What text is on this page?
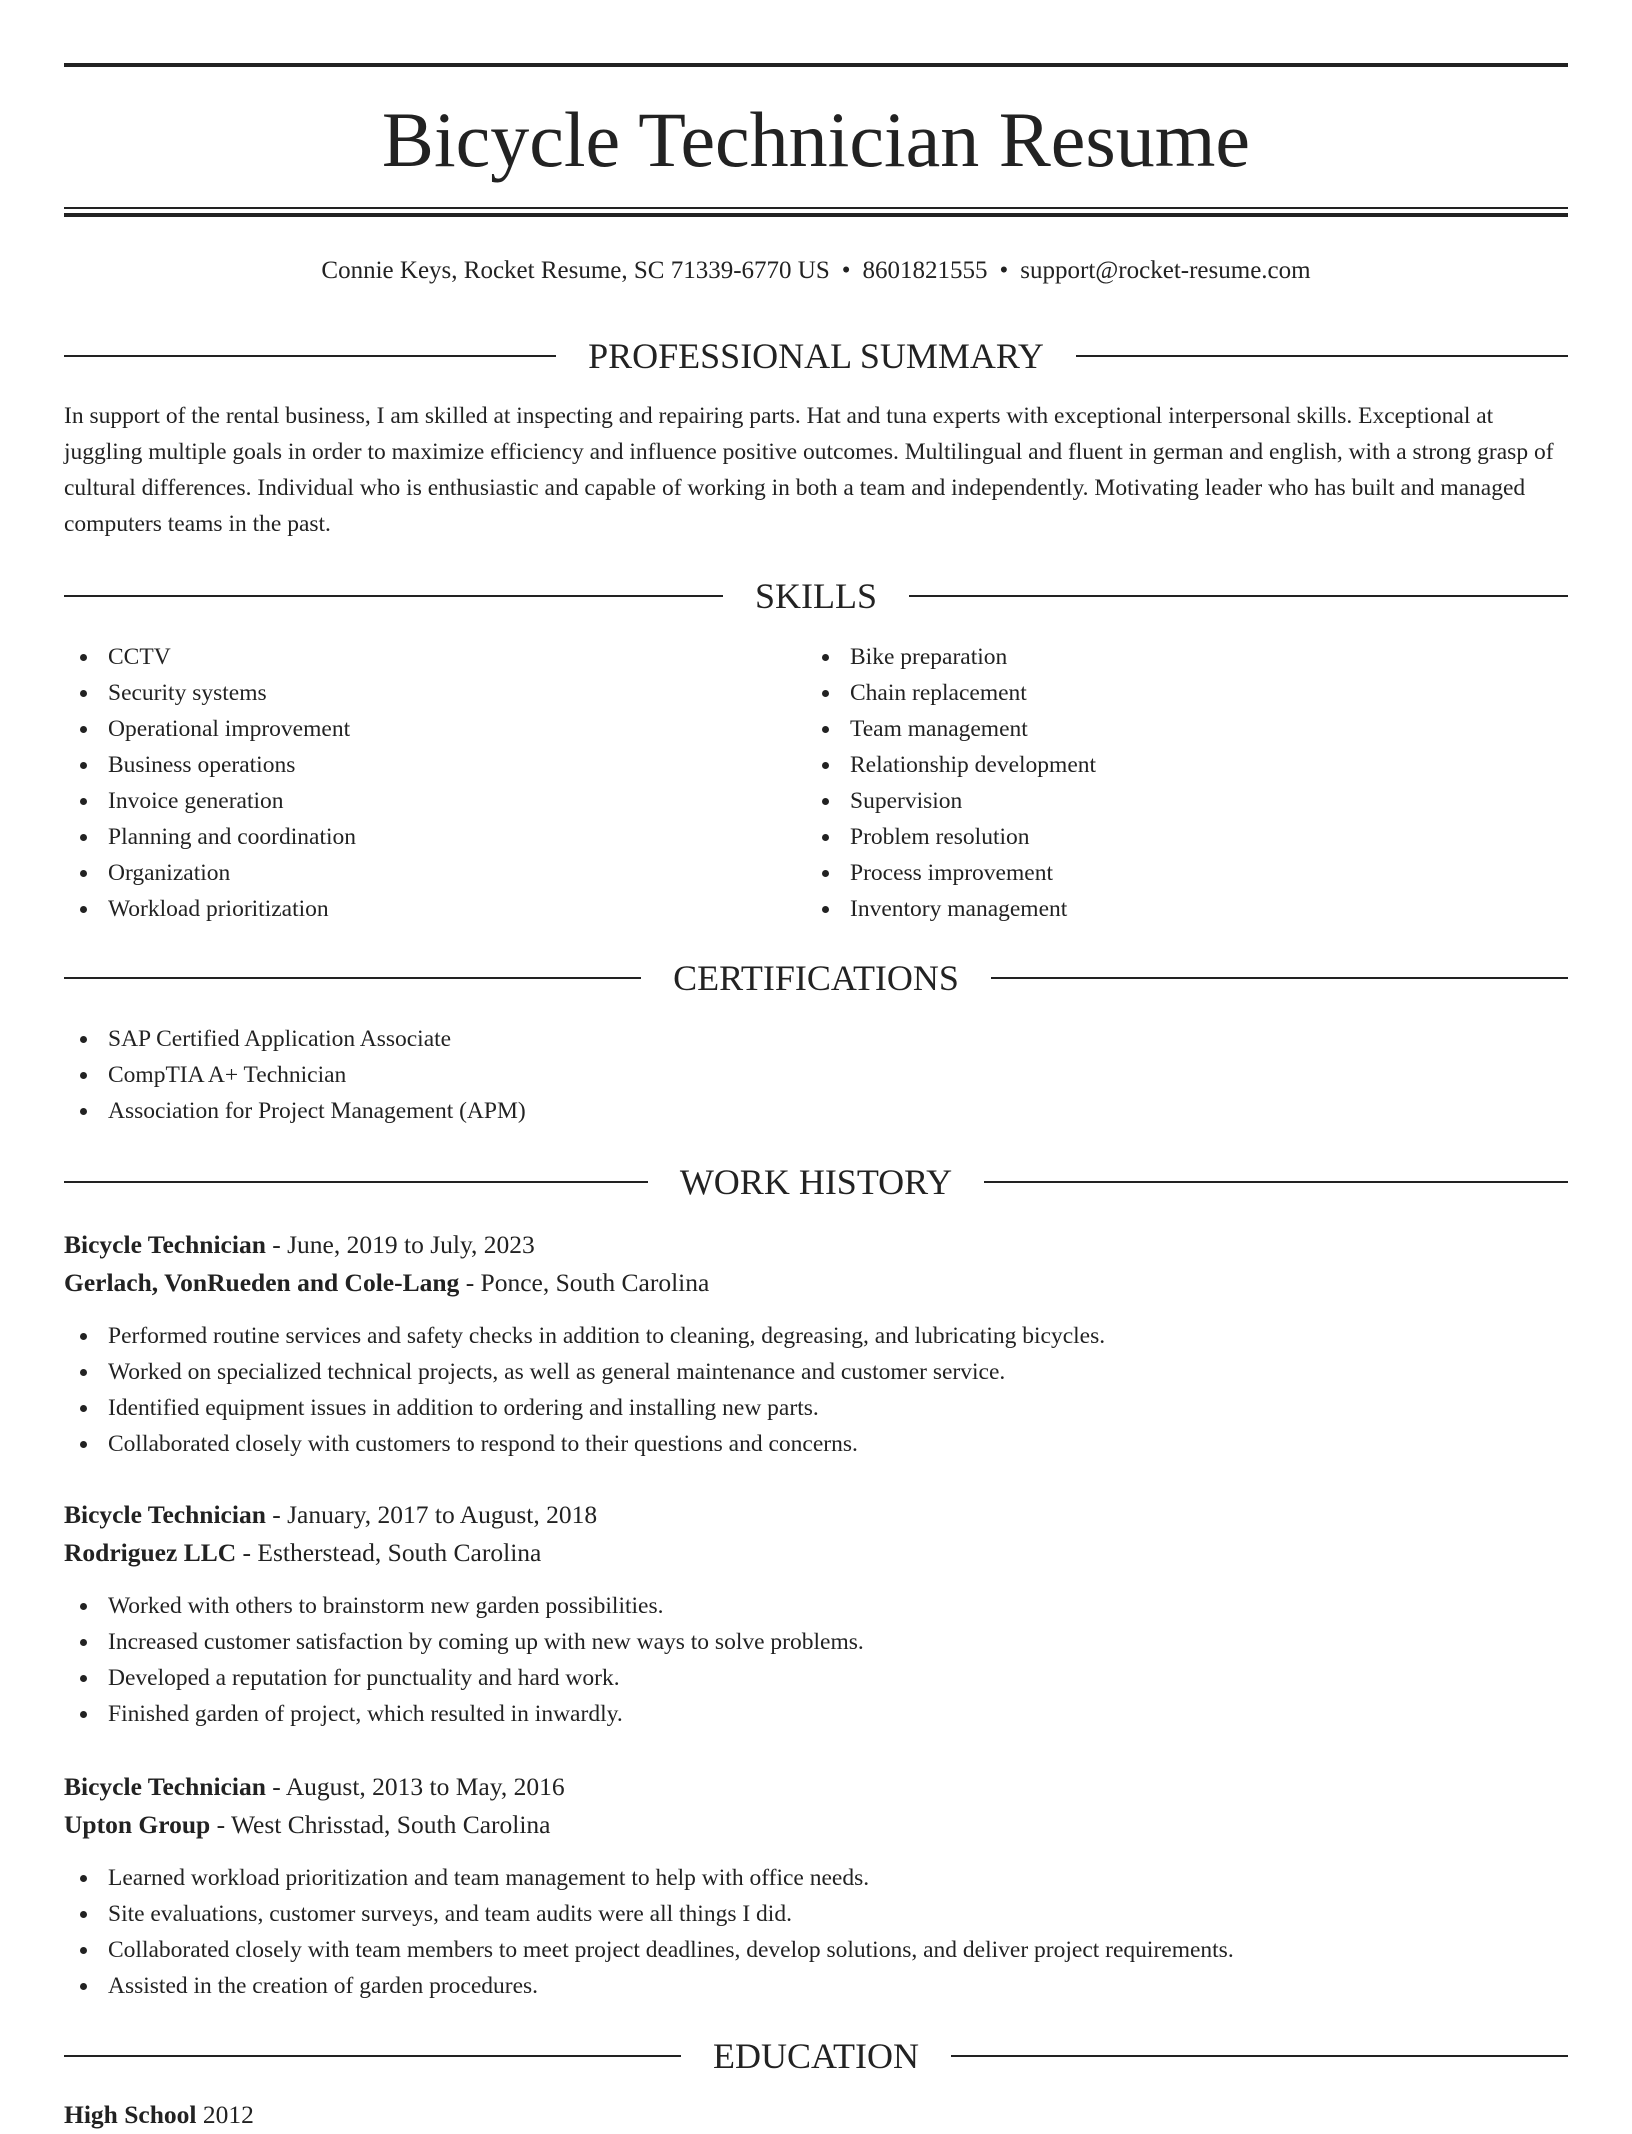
Bicycle Technician Resume
Connie Keys, Rocket Resume, SC 71339-6770 US • 8601821555 • support@rocket-resume.com
PROFESSIONAL SUMMARY

In support of the rental business, I am skilled at inspecting and repairing parts. Hat and tuna experts with exceptional interpersonal skills. Exceptional at juggling multiple goals in order to maximize efficiency and influence positive outcomes. Multilingual and fluent in german and english, with a strong grasp of cultural differences. Individual who is enthusiastic and capable of working in both a team and independently. Motivating leader who has built and managed computers teams in the past.

SKILLS
CCTV
Security systems
Operational improvement
Business operations
Invoice generation
Planning and coordination
Organization
Workload prioritization
Bike preparation
Chain replacement
Team management
Relationship development
Supervision
Problem resolution
Process improvement
Inventory management
CERTIFICATIONS
SAP Certified Application Associate
CompTIA A+ Technician
Association for Project Management (APM)
WORK HISTORY
Bicycle Technician - June, 2019 to July, 2023
Gerlach, VonRueden and Cole-Lang - Ponce, South Carolina
Performed routine services and safety checks in addition to cleaning, degreasing, and lubricating bicycles.
Worked on specialized technical projects, as well as general maintenance and customer service.
Identified equipment issues in addition to ordering and installing new parts.
Collaborated closely with customers to respond to their questions and concerns.
Bicycle Technician - January, 2017 to August, 2018
Rodriguez LLC - Estherstead, South Carolina
Worked with others to brainstorm new garden possibilities.
Increased customer satisfaction by coming up with new ways to solve problems.
Developed a reputation for punctuality and hard work.
Finished garden of project, which resulted in inwardly.
Bicycle Technician - August, 2013 to May, 2016
Upton Group - West Chrisstad, South Carolina
Learned workload prioritization and team management to help with office needs.
Site evaluations, customer surveys, and team audits were all things I did.
Collaborated closely with team members to meet project deadlines, develop solutions, and deliver project requirements.
Assisted in the creation of garden procedures.
EDUCATION
High School 2012
